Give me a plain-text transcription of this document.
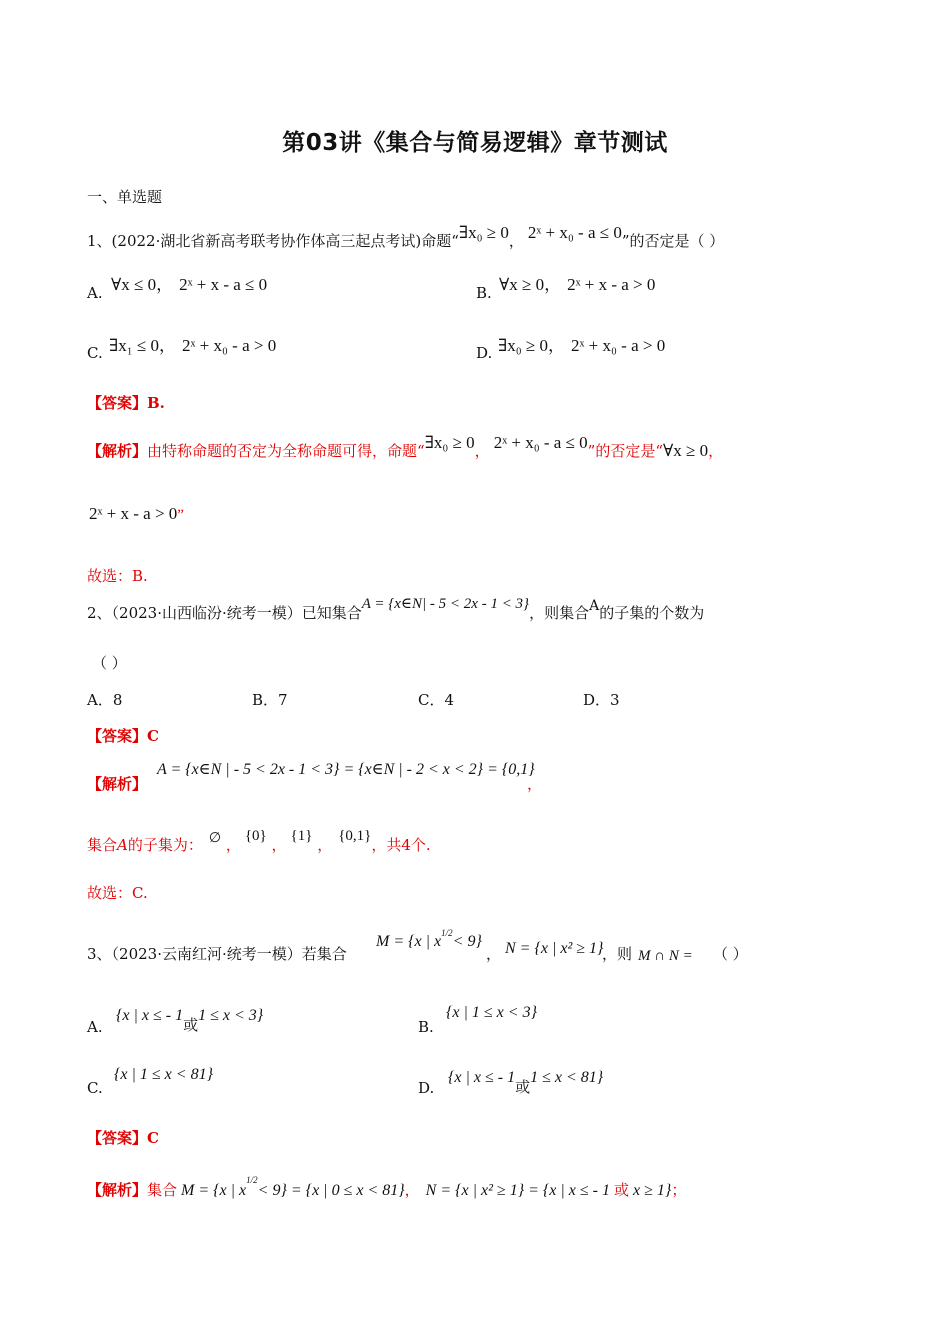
第03讲《集合与简易逻辑》章节测试
一、单选题
1、(2022·湖北省新高考联考协作体高三起点考试)命题“∃x₀ ≥ 0， 2ˣ + x₀ - a ≤ 0”的否定是（ ）
A. ∀x ≤ 0， 2ˣ + x - a ≤ 0	B. ∀x ≥ 0， 2ˣ + x - a > 0
C. ∃x₁ ≤ 0， 2ˣ + x₀ - a > 0	D. ∃x₀ ≥ 0， 2ˣ + x₀ - a > 0
【答案】B.
【解析】由特称命题的否定为全称命题可得，命题“∃x₀ ≥ 0， 2ˣ + x₀ - a ≤ 0”的否定是“∀x ≥ 0，
2ˣ + x - a > 0”
故选：B.
2、（2023·山西临汾·统考一模）已知集合A = {x∈N| - 5 < 2x - 1 < 3}，则集合A的子集的个数为
（ ）
A．8	B．7	C．4	D．3
【答案】C
【解析】
A = {x∈N | - 5 < 2x - 1 < 3} = {x∈N | - 2 < x < 2} = {0,1}
，
集合A的子集为： ∅ ， {0} ， {1} ， {0,1}，共4个.
故选：C.
3、（2023·云南红河·统考一模）若集合
M = {x | $x^{1/2}< 9$}
， N = {x | x² ≥ 1}
，则 M ∩ N = （ ）
A.
{x | x ≤ - 1或1 ≤ x < 3}
B.
{x | 1 ≤ x < 3}
C.
{x | 1 ≤ x < 81}
D.
{x | x ≤ - 1或1 ≤ x < 81}
【答案】C
【解析】集合 M = {x | $x^{1/2}< 9\} = \{x$ | 0 ≤ x < 81}， N = {x | x² ≥ 1} = {x | x ≤ - 1 或 x ≥ 1}；
